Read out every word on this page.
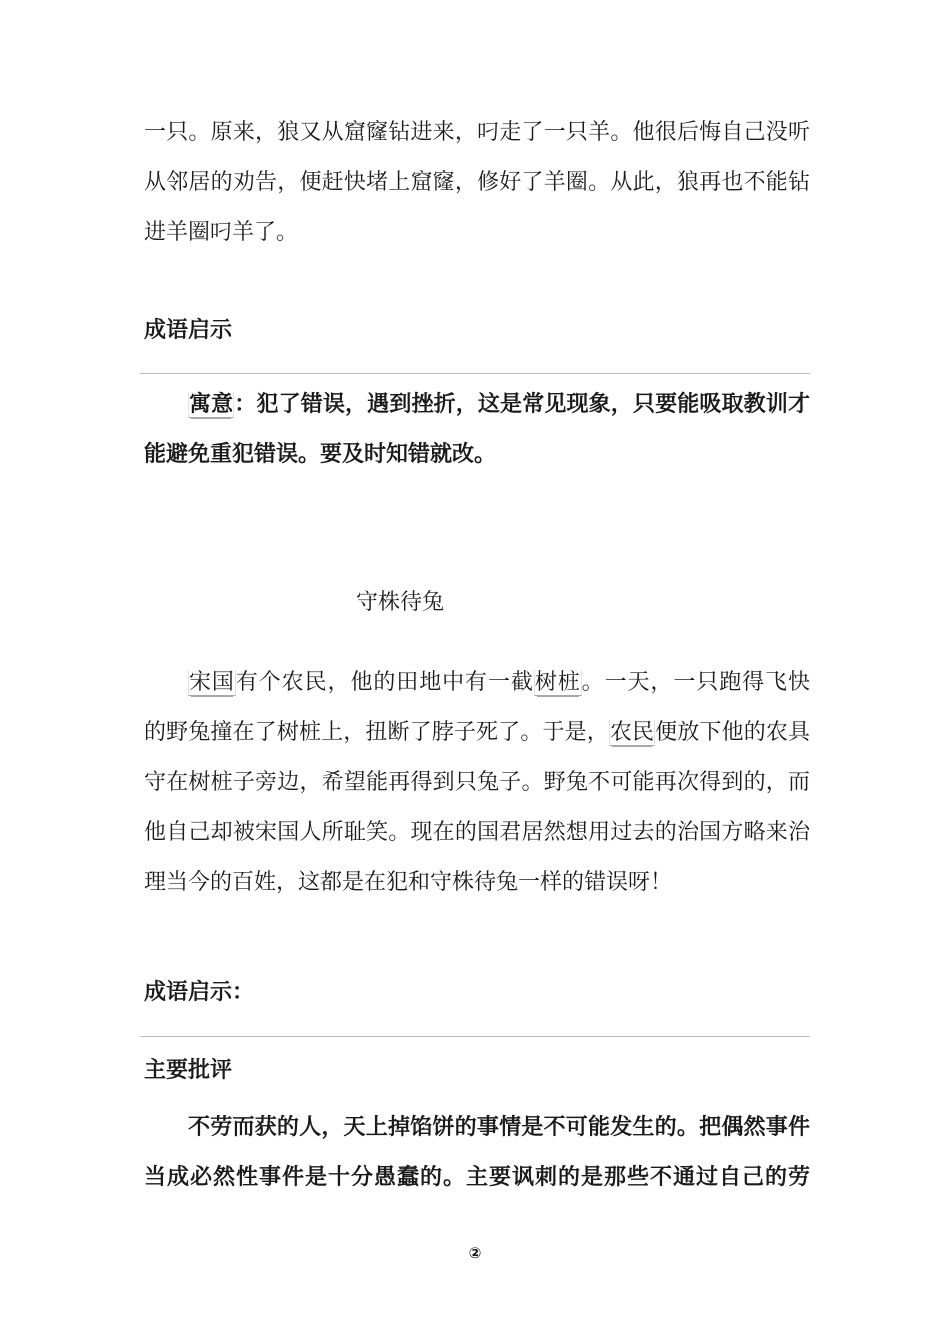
一只。原来，狼又从窟窿钻进来，叼走了一只羊。他很后悔自己没听
从邻居的劝告，便赶快堵上窟窿，修好了羊圈。从此，狼再也不能钻
进羊圈叼羊了。
成语启示
寓意：犯了错误，遇到挫折，这是常见现象，只要能吸取教训才
能避免重犯错误。要及时知错就改。
守株待兔
宋国有个农民，他的田地中有一截树桩。一天，一只跑得飞快
的野兔撞在了树桩上，扭断了脖子死了。于是，农民便放下他的农具
守在树桩子旁边，希望能再得到只兔子。野兔不可能再次得到的，而
他自己却被宋国人所耻笑。现在的国君居然想用过去的治国方略来治
理当今的百姓，这都是在犯和守株待兔一样的错误呀！
成语启示：
主要批评
不劳而获的人，天上掉馅饼的事情是不可能发生的。把偶然事件
当成必然性事件是十分愚蠢的。主要讽刺的是那些不通过自己的劳
②
